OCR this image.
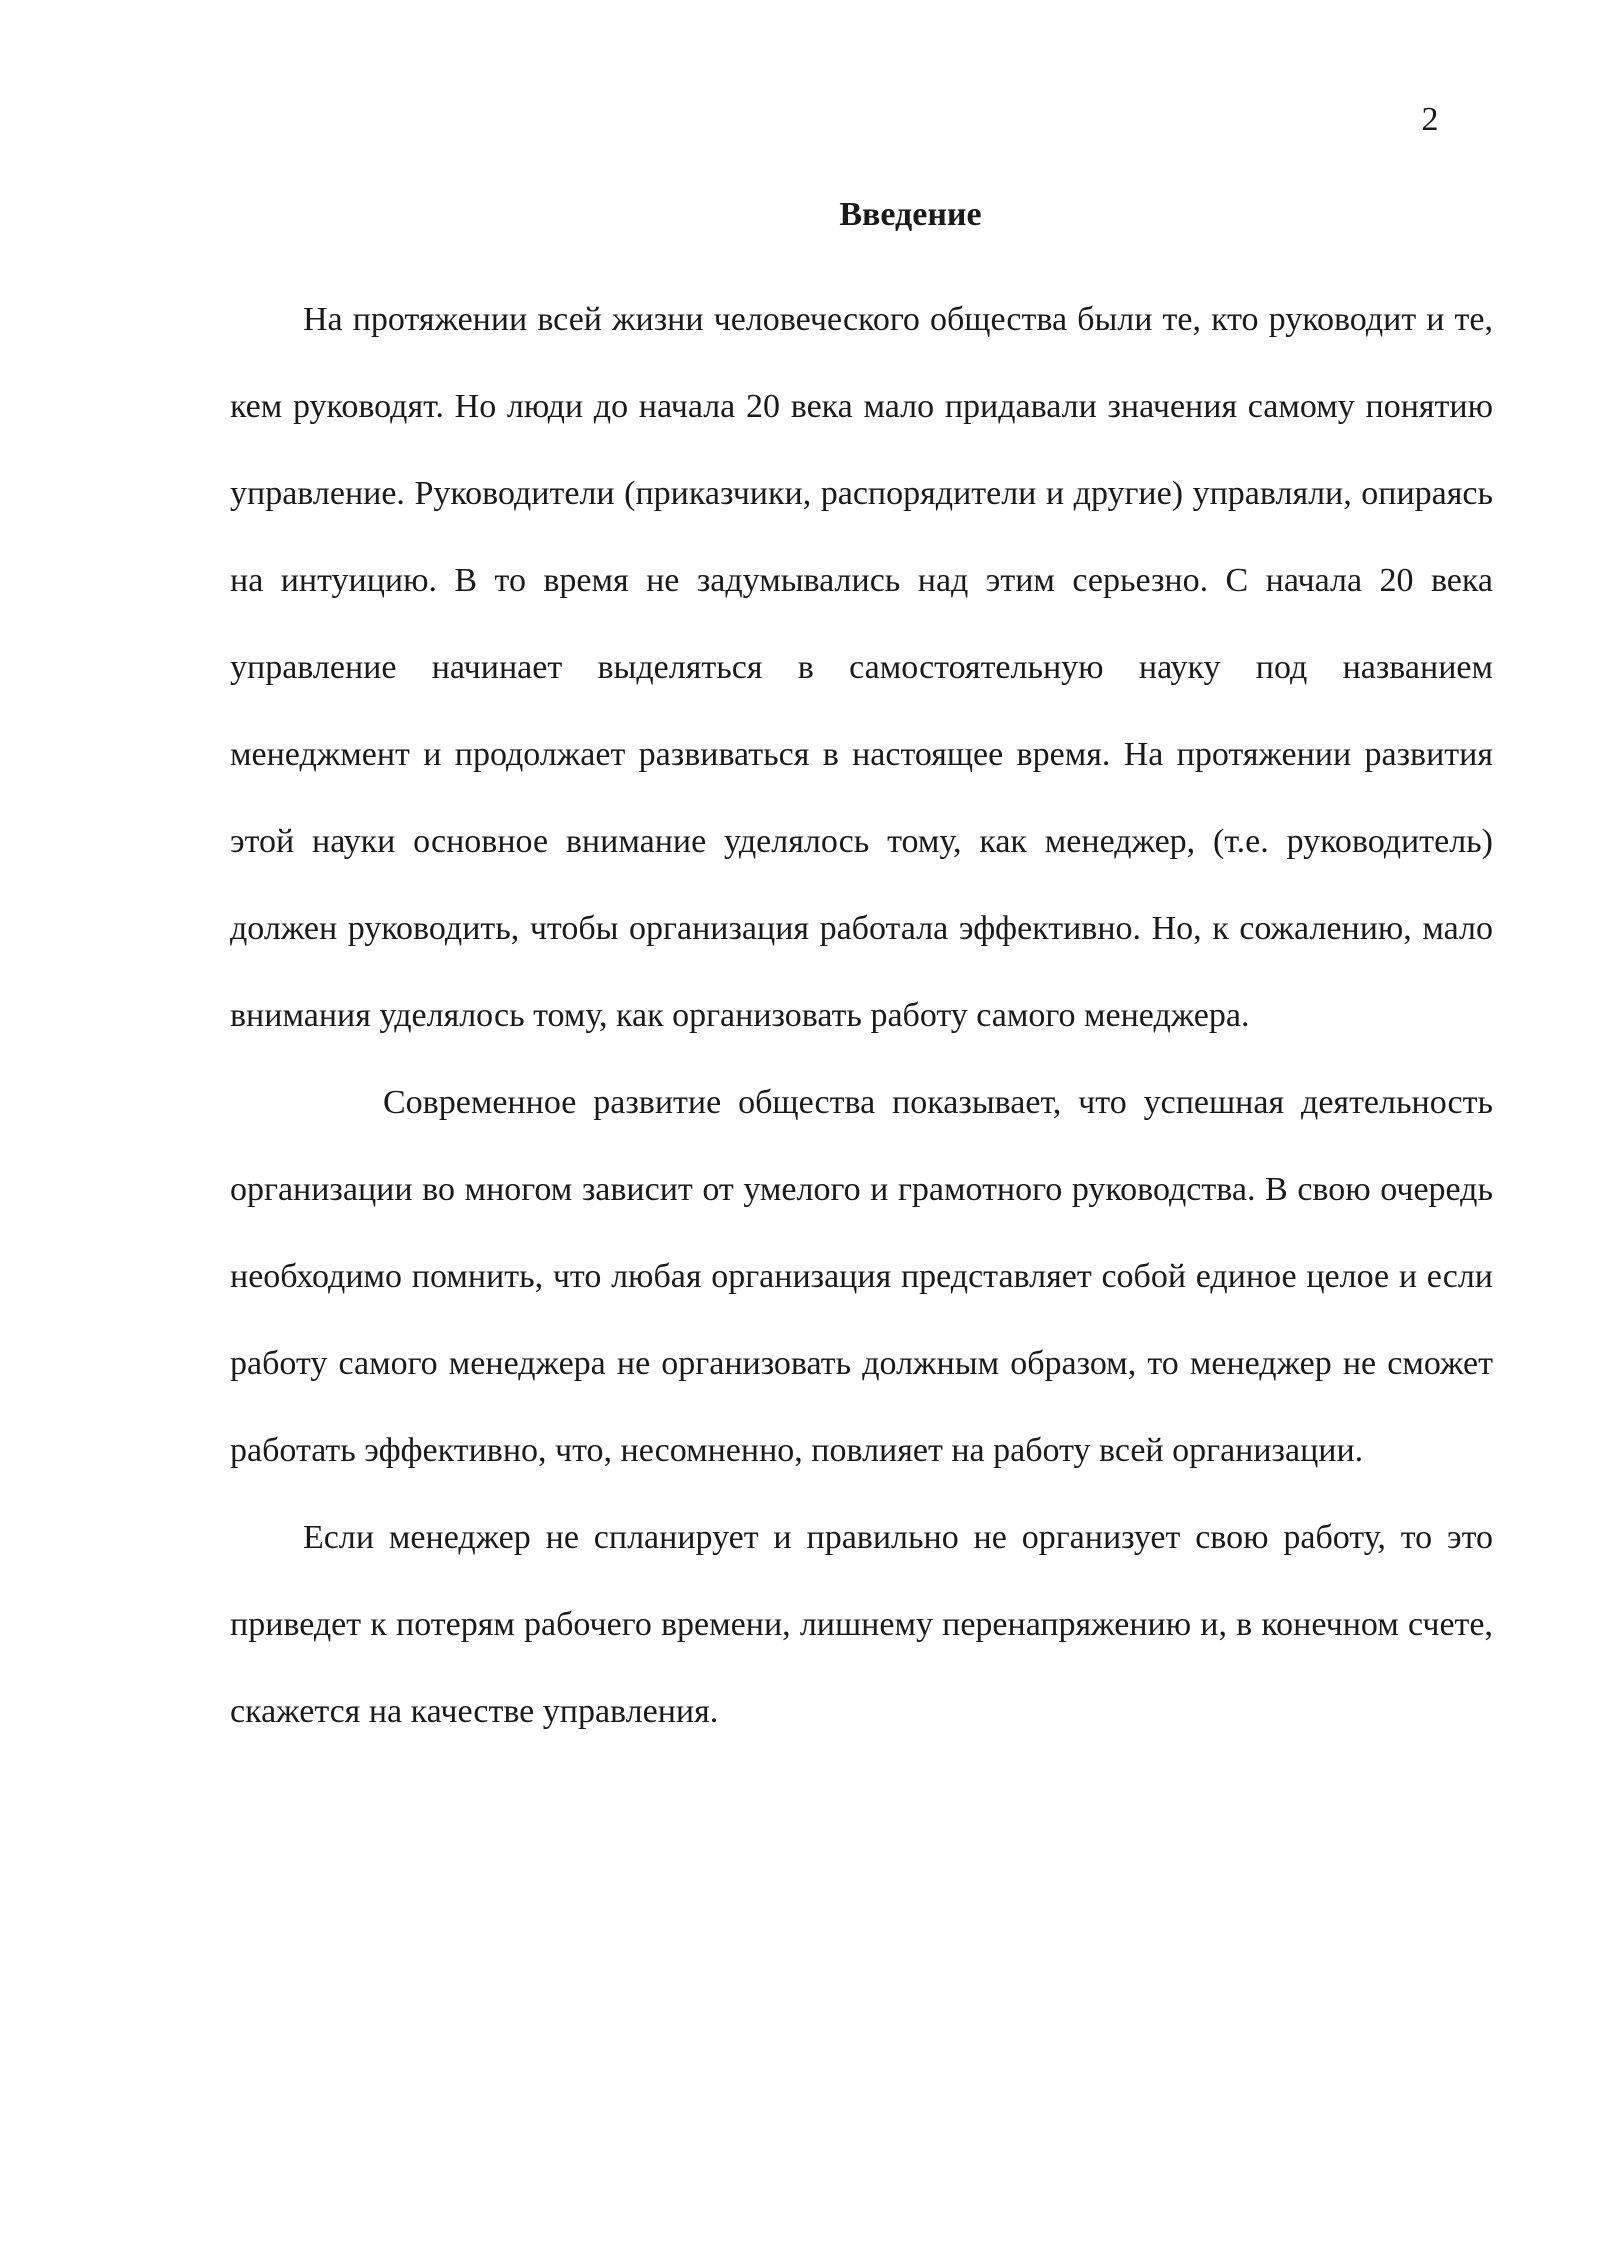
2
Введение

На протяжении всей жизни человеческого общества были те, кто руководит и те, кем руководят. Но люди до начала 20 века мало придавали значения самому понятию управление. Руководители (приказчики, распорядители и другие) управляли, опираясь на интуицию. В то время не задумывались над этим серьезно. С начала 20 века управление начинает выделяться в самостоятельную науку под названием менеджмент и продолжает развиваться в настоящее время. На протяжении развития этой науки основное внимание уделялось тому, как менеджер, (т.е. руководитель) должен руководить, чтобы организация работала эффективно. Но, к сожалению, мало внимания уделялось тому, как организовать работу самого менеджера.

Современное развитие общества показывает, что успешная деятельность организации во многом зависит от умелого и грамотного руководства. В свою очередь необходимо помнить, что любая организация представляет собой единое целое и если работу самого менеджера не организовать должным образом, то менеджер не сможет работать эффективно, что, несомненно, повлияет на работу всей организации.

Если менеджер не спланирует и правильно не организует свою работу, то это приведет к потерям рабочего времени, лишнему перенапряжению и, в конечном счете, скажется на качестве управления.
